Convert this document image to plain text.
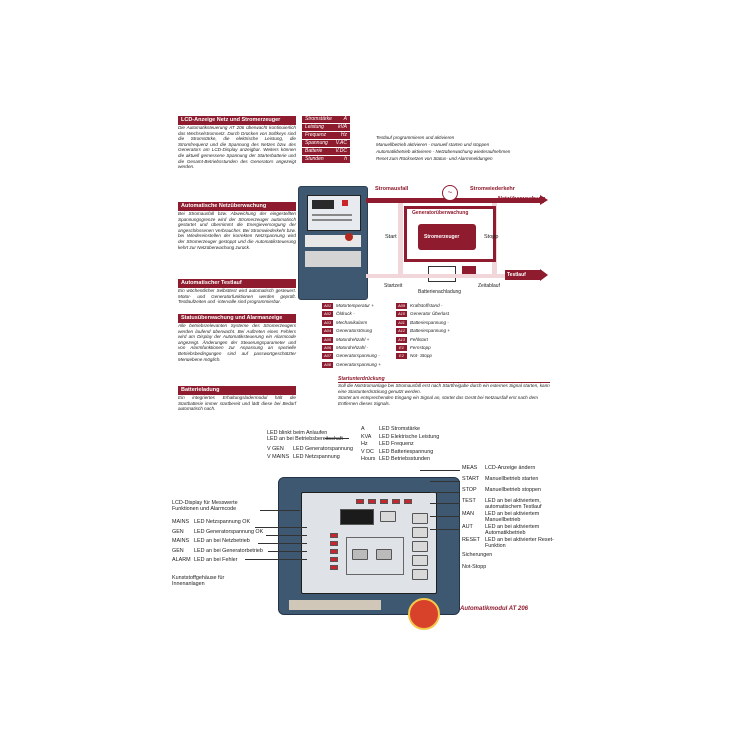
LCD-Anzeige Netz und Stromerzeuger
Die Automatiksteuerung AT 206 überwacht kontinuierlich das Wechselstromnetz. Durch Drücken von Softkeys sind die Stromstärke, die elektrische Leistung, die Stromfrequenz und die Spannung des Netzes bzw. des Generators am LCD-Display anzeigbar. Weiters können die aktuell gemessene Spannung der Starterbatterie und die Gesamt-Betriebsstunden des Generators angezeigt werden.
Automatische Netzüberwachung
Bei Stromausfall bzw. Abweichung der eingestellten Spannungsgrenze wird der Stromerzeuger automatisch gestartet und übernimmt die Energieversorgung der angeschlossenen Verbraucher. Bei Stromwiederkehr bzw. bei Wiedereinstellen der korrekten Netzspannung wird der Stromerzeuger gestoppt und die Automatiksteuerung kehrt zur Netzüberwachung zurück.
Automatischer Testlauf
Ein wöchentlicher Selbsttest wird automatisch gesteuert. Motor- und Generatorfunktionen werden geprüft. Testlaufzeiten und -intervalle sind programmierbar.
Statusüberwachung und Alarmanzeige
Alle betriebsrelevanten Systeme des Stromerzeugers werden laufend überwacht. Bei Auftreten eines Fehlers wird am Display der Automatiksteuerung ein Alarmcode angezeigt. Änderungen der Steuerungsparameter und von Alarmfunktionen zur Anpassung an spezielle Betriebsbedingungen sind auf passwortgeschützter Menüebene möglich.
Batterieladung
Ein integriertes Erhaltungsladermodul hält die Startbatterie immer startbereit und lädt diese bei Bedarf automatisch nach.
Stromstärke A
Leistung	kVA
Frequenz	Hz
Spannung V.AC
Batterie	V.DC
Stunden	h
Testlauf programmieren und aktivieren
Manuellbetrieb aktivieren - manuell starten und stoppen
Automatikbetrieb aktivieren - Netzüberwachung wiederaufnehmen
Reset zum Rücksetzen von Status- und Alarmmeldungen
Stromausfall	Stromwiederkehr
Netzüberwachung
~
Generatorüberwachung
Stromerzeuger
Start	Stopp
Testlauf
Startzeit	Zeitablauf
Batterienachladung
A01 Motortemperatur +
A02 Öldruck -
A03 Mechanikalarm
A04 Generatorstörung
A05 Motordrehzahl +
A06 Motordrehzahl -
A07 Generatorspannung -
A08 Generatorspannung +
A09 Kraftstoffstand -
A10 Generator Überlast
A11 Batteriespannung -
A12 Batteriespannung +
A13 Fehlstart
E1 Fernstopp
E2 Not- Stopp
Startunterdrückung
Soll die Notstromanlage bei Stromausfall erst nach Startfreigabe durch ein externes Signal starten, kann eine Startunterdrückung genutzt werden.
Startet am entsprechenden Eingang ein Signal an, startet das Gerät bei Netzausfall erst nach dem Entfernen dieses Signals.
LED blinkt beim Anlaufen
LED an bei Betriebsbereitschaft
V GEN LED Generatorspannung
V MAINS LED Netzspannung
A	LED Stromstärke
KVA LED Elektrische Leistung
Hz LED Frequenz
V DC LED Batteriespannung
Hours LED Betriebsstunden
MEAS LCD-Anzeige ändern
START Manuellbetrieb starten
STOP Manuellbetrieb stoppen
TEST	LED an bei aktiviertem, automatischem Testlauf
MAN	LED an bei aktiviertem Manuellbetrieb
AUT	LED an bei aktiviertem Automatikbetrieb
RESET LED an bei aktivierter Reset-Funktion
Sicherungen
Not-Stopp
LCD-Display für Messwerte Funktionen und Alarmcode
MAINS LED Netzspannung OK
GEN LED Generatorspannung OK
MAINS LED an bei Netzbetrieb
GEN LED an bei Generatorbetrieb
ALARM LED an bei Fehler
Kunststoffgehäuse für Innenanlagen
Automatikmodul AT 206
